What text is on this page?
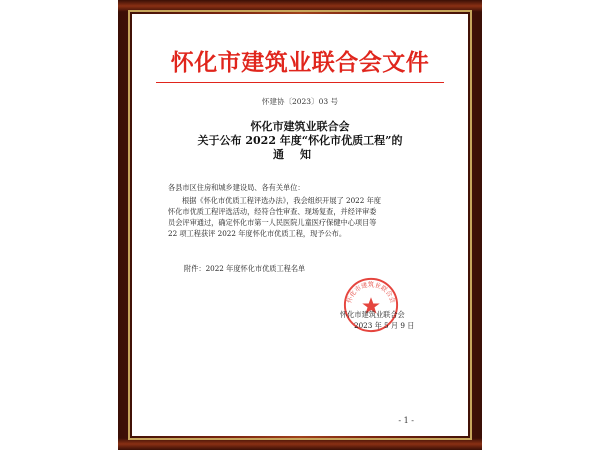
怀化市建筑业联合会文件
怀建协〔2023〕03 号
怀化市建筑业联合会
关于公布 2022 年度“怀化市优质工程”的
通知
各县市区住房和城乡建设局、各有关单位：
根据《怀化市优质工程评选办法》，我会组织开展了 2022 年度
怀化市优质工程评选活动，经符合性审查、现场复查，并经评审委
员会评审通过，确定怀化市第一人民医院儿童医疗保健中心项目等
22 项工程获评 2022 年度怀化市优质工程，现予公布。
附件：2022 年度怀化市优质工程名单
怀化市建筑业联合会
怀化市建筑业联合会
2023 年 5 月 9 日
- 1 -
